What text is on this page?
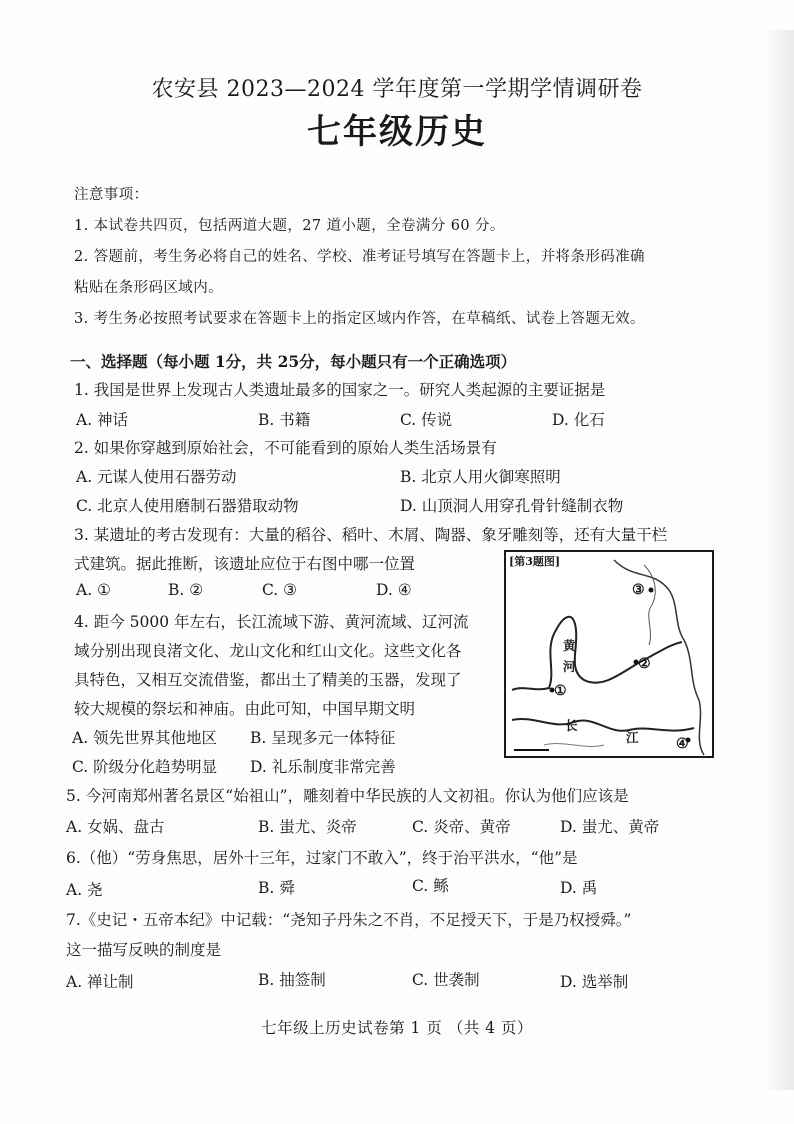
农安县 2023—2024 学年度第一学期学情调研卷
七年级历史
注意事项：
1. 本试卷共四页，包括两道大题，27 道小题，全卷满分 60 分。
2. 答题前，考生务必将自己的姓名、学校、准考证号填写在答题卡上，并将条形码准确
粘贴在条形码区域内。
3. 考生务必按照考试要求在答题卡上的指定区域内作答，在草稿纸、试卷上答题无效。
一、选择题（每小题 1分，共 25分，每小题只有一个正确选项）
1. 我国是世界上发现古人类遗址最多的国家之一。研究人类起源的主要证据是
A. 神话	B. 书籍	C. 传说	D. 化石
2. 如果你穿越到原始社会，不可能看到的原始人类生活场景有
A. 元谋人使用石器劳动	B. 北京人用火御寒照明
C. 北京人使用磨制石器猎取动物	D. 山顶洞人用穿孔骨针缝制衣物
3. 某遗址的考古发现有：大量的稻谷、稻叶、木屑、陶器、象牙雕刻等，还有大量干栏
式建筑。据此推断，该遗址应位于右图中哪一位置
A. ①	B. ②	C. ③	D. ④
4. 距今 5000 年左右，长江流域下游、黄河流域、辽河流
域分别出现良渚文化、龙山文化和红山文化。这些文化各
具特色，又相互交流借鉴，都出土了精美的玉器，发现了
较大规模的祭坛和神庙。由此可知，中国早期文明
A. 领先世界其他地区 B. 呈现多元一体特征
C. 阶级分化趋势明显 D. 礼乐制度非常完善
[第3题图]
黄
河
长
江
①
②
③
④
5. 今河南郑州著名景区“始祖山”，雕刻着中华民族的人文初祖。你认为他们应该是
A. 女娲、盘古	B. 蚩尤、炎帝	C. 炎帝、黄帝	D. 蚩尤、黄帝
6.（他）“劳身焦思，居外十三年，过家门不敢入”，终于治平洪水，“他”是
A. 尧	B. 舜	C. 鲧	D. 禹
7.《史记・五帝本纪》中记载：“尧知子丹朱之不肖，不足授天下，于是乃权授舜。”
这一描写反映的制度是
A. 禅让制	B. 抽签制	C. 世袭制	D. 选举制
七年级上历史试卷第 1 页 （共 4 页）
